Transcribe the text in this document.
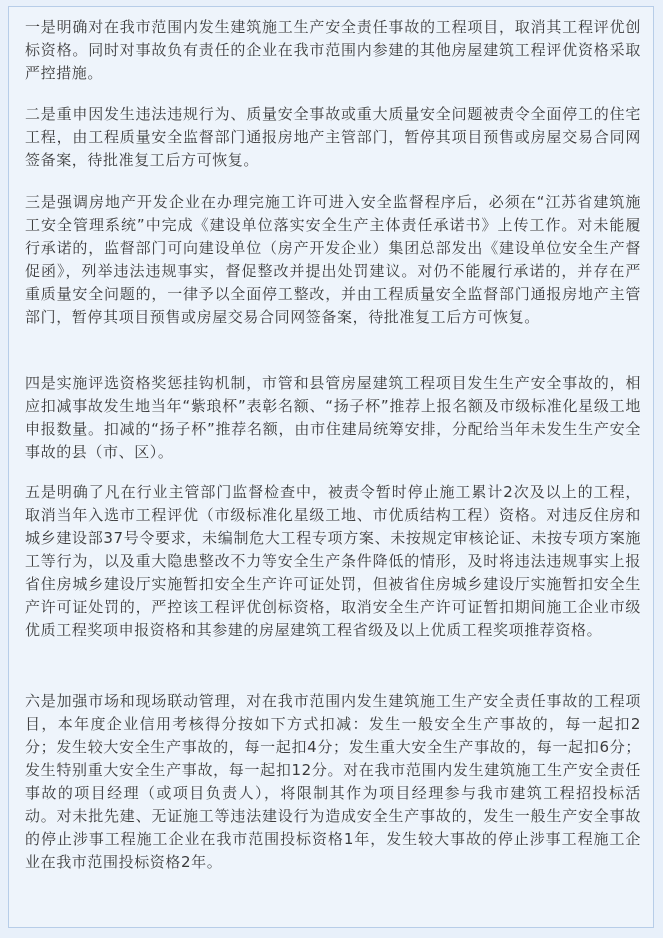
一是明确对在我市范围内发生建筑施工生产安全责任事故的工程项目，取消其工程评优创标资格。同时对事故负有责任的企业在我市范围内参建的其他房屋建筑工程评优资格采取严控措施。

二是重申因发生违法违规行为、质量安全事故或重大质量安全问题被责令全面停工的住宅工程，由工程质量安全监督部门通报房地产主管部门，暂停其项目预售或房屋交易合同网签备案，待批准复工后方可恢复。

三是强调房地产开发企业在办理完施工许可进入安全监督程序后，必须在“江苏省建筑施工安全管理系统”中完成《建设单位落实安全生产主体责任承诺书》上传工作。对未能履行承诺的，监督部门可向建设单位（房产开发企业）集团总部发出《建设单位安全生产督促函》，列举违法违规事实，督促整改并提出处罚建议。对仍不能履行承诺的，并存在严重质量安全问题的，一律予以全面停工整改，并由工程质量安全监督部门通报房地产主管部门，暂停其项目预售或房屋交易合同网签备案，待批准复工后方可恢复。

四是实施评选资格奖惩挂钩机制，市管和县管房屋建筑工程项目发生生产安全事故的，相应扣减事故发生地当年“紫琅杯”表彰名额、“扬子杯”推荐上报名额及市级标准化星级工地申报数量。扣减的“扬子杯”推荐名额，由市住建局统筹安排，分配给当年未发生生产安全事故的县（市、区）。

五是明确了凡在行业主管部门监督检查中，被责令暂时停止施工累计2次及以上的工程，取消当年入选市工程评优（市级标准化星级工地、市优质结构工程）资格。对违反住房和城乡建设部37号令要求，未编制危大工程专项方案、未按规定审核论证、未按专项方案施工等行为，以及重大隐患整改不力等安全生产条件降低的情形，及时将违法违规事实上报省住房城乡建设厅实施暂扣安全生产许可证处罚，但被省住房城乡建设厅实施暂扣安全生产许可证处罚的，严控该工程评优创标资格，取消安全生产许可证暂扣期间施工企业市级优质工程奖项申报资格和其参建的房屋建筑工程省级及以上优质工程奖项推荐资格。

六是加强市场和现场联动管理，对在我市范围内发生建筑施工生产安全责任事故的工程项目，本年度企业信用考核得分按如下方式扣减：发生一般安全生产事故的，每一起扣2分；发生较大安全生产事故的，每一起扣4分；发生重大安全生产事故的，每一起扣6分；发生特别重大安全生产事故，每一起扣12分。对在我市范围内发生建筑施工生产安全责任事故的项目经理（或项目负责人），将限制其作为项目经理参与我市建筑工程招投标活动。对未批先建、无证施工等违法建设行为造成安全生产事故的，发生一般生产安全事故的停止涉事工程施工企业在我市范围投标资格1年，发生较大事故的停止涉事工程施工企业在我市范围投标资格2年。
